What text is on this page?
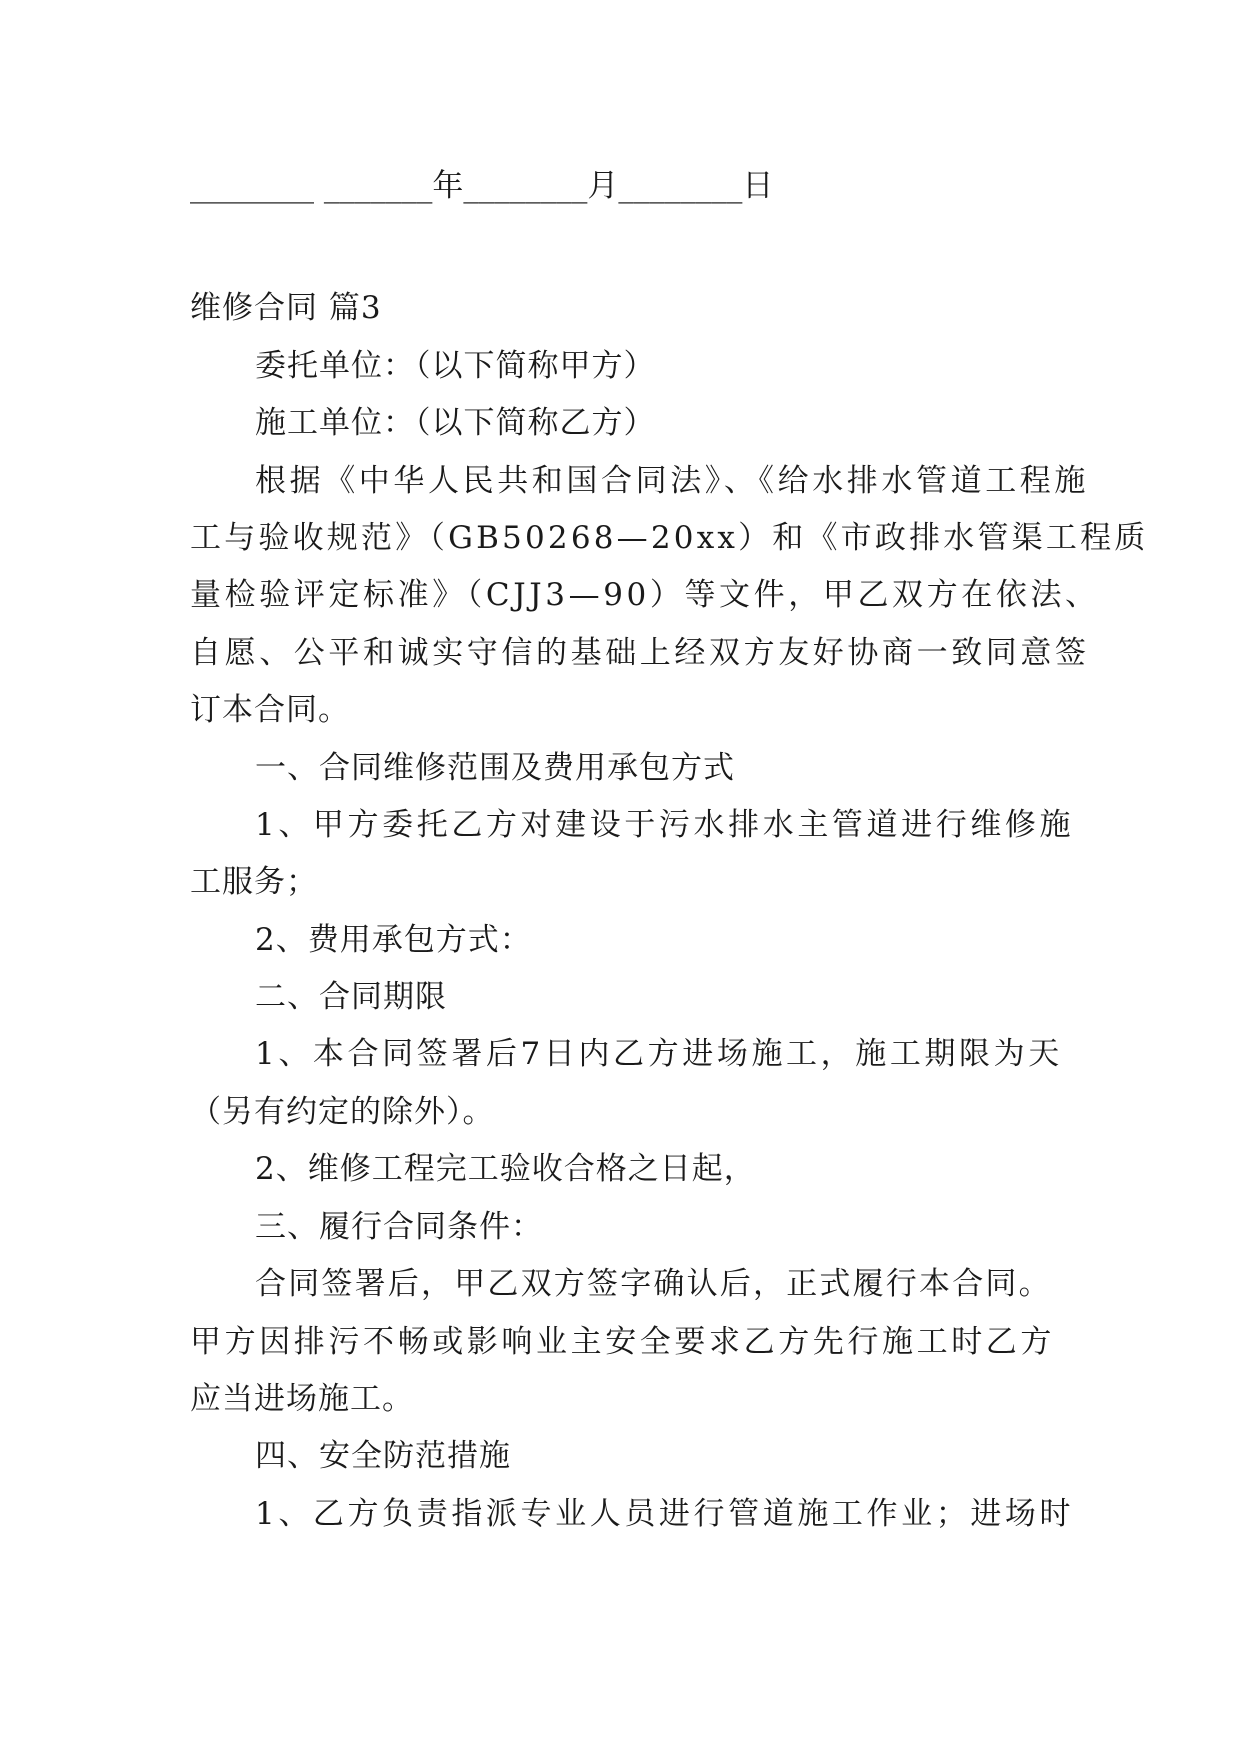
________ _______年________月________日
维修合同 篇3
委托单位：（以下简称甲方）
施工单位：（以下简称乙方）
根据《中华人民共和国合同法》、《给水排水管道工程施
工与验收规范》（GB50268—20xx）和《市政排水管渠工程质
量检验评定标准》（CJJ3—90）等文件，甲乙双方在依法、
自愿、公平和诚实守信的基础上经双方友好协商一致同意签
订本合同。
一、合同维修范围及费用承包方式
1、甲方委托乙方对建设于污水排水主管道进行维修施
工服务；
2、费用承包方式：
二、合同期限
1、本合同签署后7日内乙方进场施工，施工期限为天
（另有约定的除外）。
2、维修工程完工验收合格之日起，
三、履行合同条件：
合同签署后，甲乙双方签字确认后，正式履行本合同。
甲方因排污不畅或影响业主安全要求乙方先行施工时乙方
应当进场施工。
四、安全防范措施
1、乙方负责指派专业人员进行管道施工作业；进场时
